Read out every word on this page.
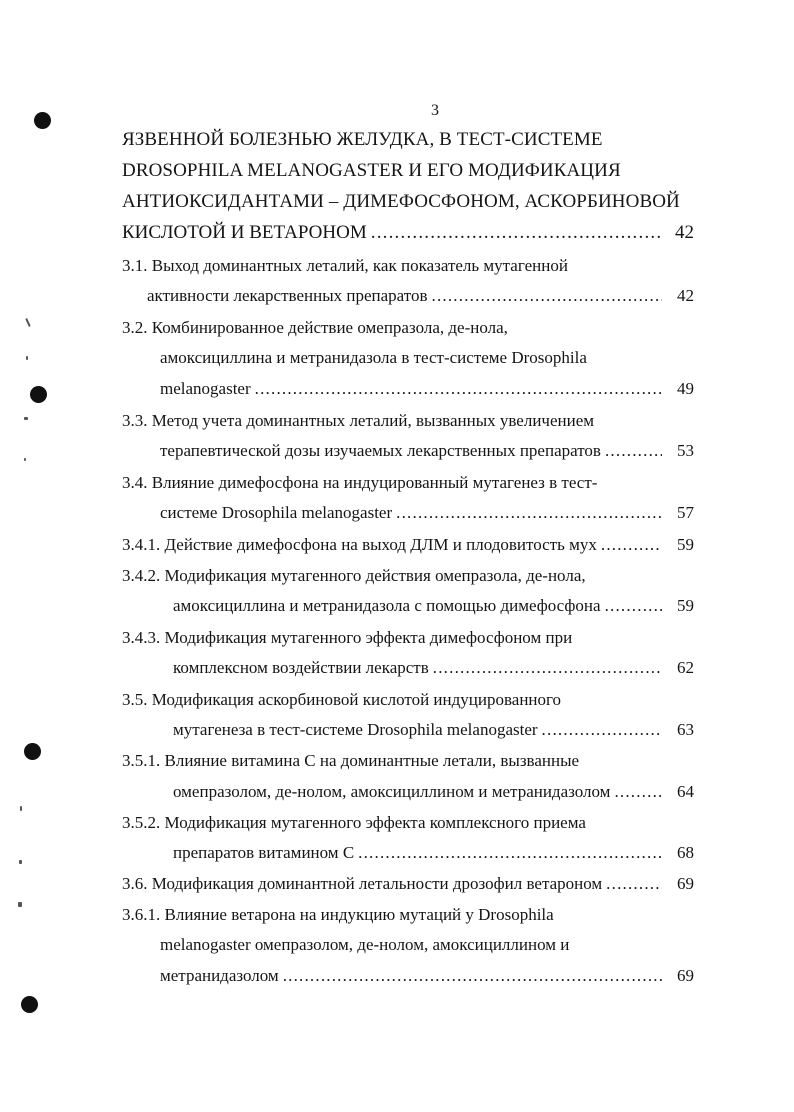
3
ЯЗВЕННОЙ БОЛЕЗНЬЮ ЖЕЛУДКА, В ТЕСТ-СИСТЕМЕ
DROSOPHILA MELANOGASTER И ЕГО МОДИФИКАЦИЯ
АНТИОКСИДАНТАМИ – ДИМЕФОСФОНОМ, АСКОРБИНОВОЙ
КИСЛОТОЙ И ВЕТАРОНОМ .....	42
3.1. Выход доминантных леталий, как показатель мутагенной
активности лекарственных препаратов .....	42
3.2. Комбинированное действие омепразола, де-нола,
амоксициллина и метранидазола в тест-системе Drosophila
melanogaster .....	49
3.3. Метод учета доминантных леталий, вызванных увеличением
терапевтической дозы изучаемых лекарственных препаратов .....	53
3.4. Влияние димефосфона на индуцированный мутагенез в тест-
системе Drosophila melanogaster .....	57
3.4.1. Действие димефосфона на выход ДЛМ и плодовитость мух .....	59
3.4.2. Модификация мутагенного действия омепразола, де-нола,
амоксициллина и метранидазола с помощью димефосфона .....	59
3.4.3. Модификация мутагенного эффекта димефосфоном при
комплексном воздействии лекарств .....	62
3.5. Модификация аскорбиновой кислотой индуцированного
мутагенеза в тест-системе Drosophila melanogaster .....	63
3.5.1. Влияние витамина С на доминантные летали, вызванные
омепразолом, де-нолом, амоксициллином и метранидазолом .....	64
3.5.2. Модификация мутагенного эффекта комплексного приема
препаратов витамином С .....	68
3.6. Модификация доминантной летальности дрозофил ветароном .....	69
3.6.1. Влияние ветарона на индукцию мутаций у Drosophila
melanogaster омепразолом, де-нолом, амоксициллином и
метранидазолом .....	69
